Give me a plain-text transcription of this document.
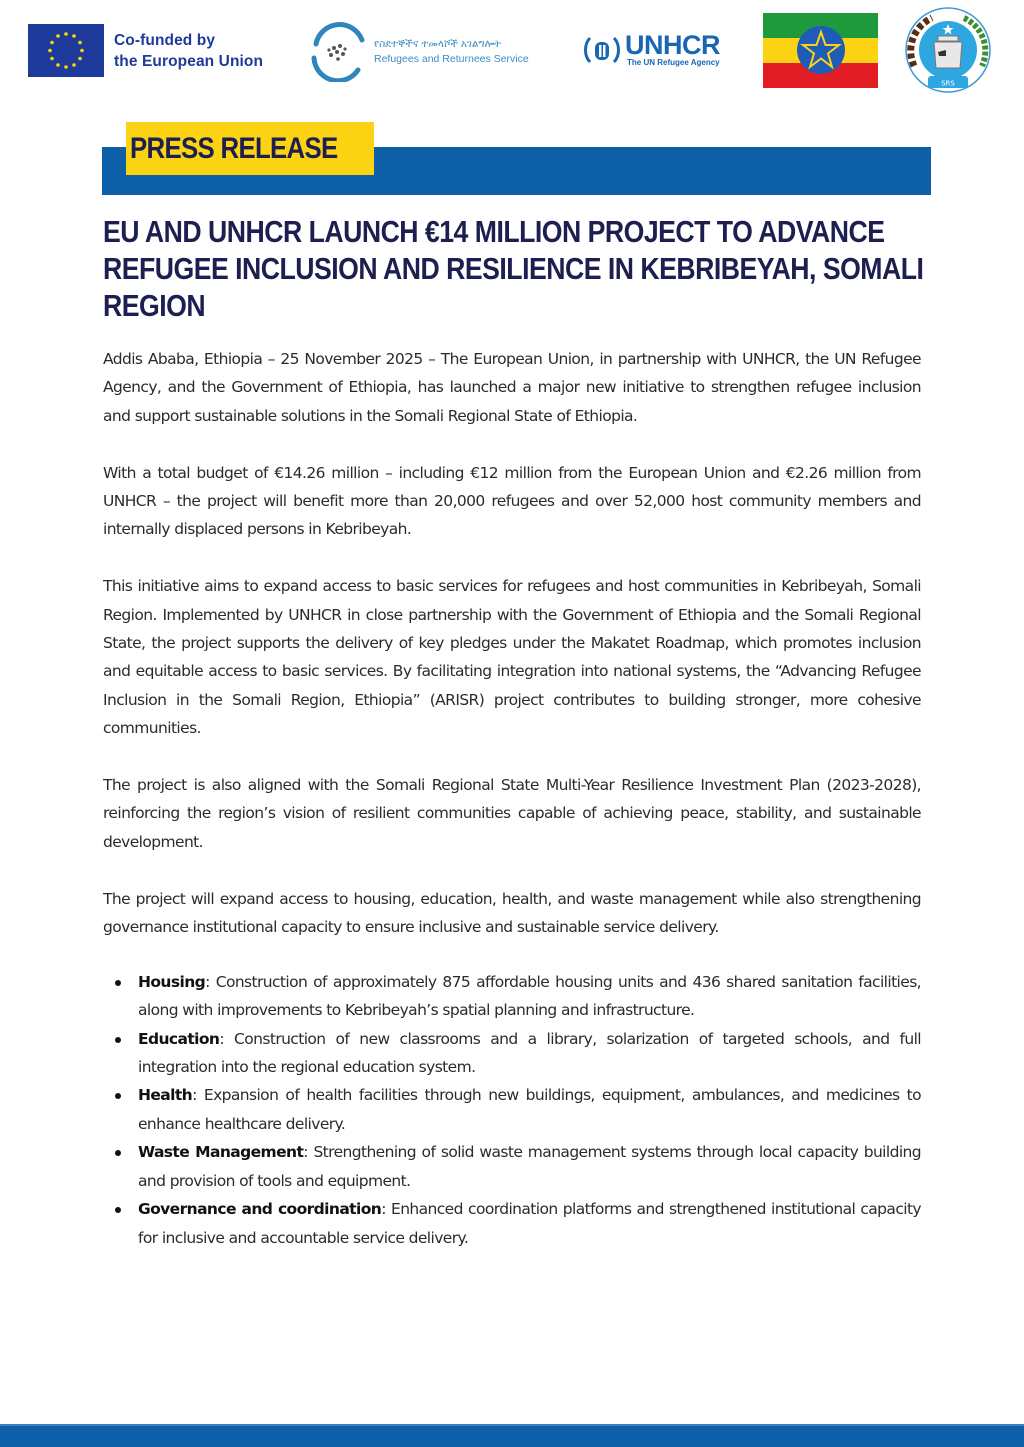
Co-funded by
the European Union
የስደተኞችና ተመላሾች አገልግሎት
Refugees and Returnees Service	UNHCR
The UN Refugee Agency
SRS
PRESS RELEASE
EU AND UNHCR LAUNCH €14 MILLION PROJECT TO ADVANCE REFUGEE INCLUSION AND RESILIENCE IN KEBRIBEYAH, SOMALI REGION

Addis Ababa, Ethiopia – 25 November 2025 – The European Union, in partnership with UNHCR, the UN Refugee Agency, and the Government of Ethiopia, has launched a major new initiative to strengthen refugee inclusion and support sustainable solutions in the Somali Regional State of Ethiopia.

With a total budget of €14.26 million – including €12 million from the European Union and €2.26 million from UNHCR – the project will benefit more than 20,000 refugees and over 52,000 host community members and internally displaced persons in Kebribeyah.

This initiative aims to expand access to basic services for refugees and host communities in Kebribeyah, Somali Region. Implemented by UNHCR in close partnership with the Government of Ethiopia and the Somali Regional State, the project supports the delivery of key pledges under the Makatet Roadmap, which promotes inclusion and equitable access to basic services. By facilitating integration into national systems, the “Advancing Refugee Inclusion in the Somali Region, Ethiopia” (ARISR) project contributes to building stronger, more cohesive communities.

The project is also aligned with the Somali Regional State Multi-Year Resilience Investment Plan (2023-2028), reinforcing the region’s vision of resilient communities capable of achieving peace, stability, and sustainable development.

The project will expand access to housing, education, health, and waste management while also strengthening governance institutional capacity to ensure inclusive and sustainable service delivery.

Housing: Construction of approximately 875 affordable housing units and 436 shared sanitation facilities, along with improvements to Kebribeyah’s spatial planning and infrastructure.
Education: Construction of new classrooms and a library, solarization of targeted schools, and full integration into the regional education system.
Health: Expansion of health facilities through new buildings, equipment, ambulances, and medicines to enhance healthcare delivery.
Waste Management: Strengthening of solid waste management systems through local capacity building and provision of tools and equipment.
Governance and coordination: Enhanced coordination platforms and strengthened institutional capacity for inclusive and accountable service delivery.
